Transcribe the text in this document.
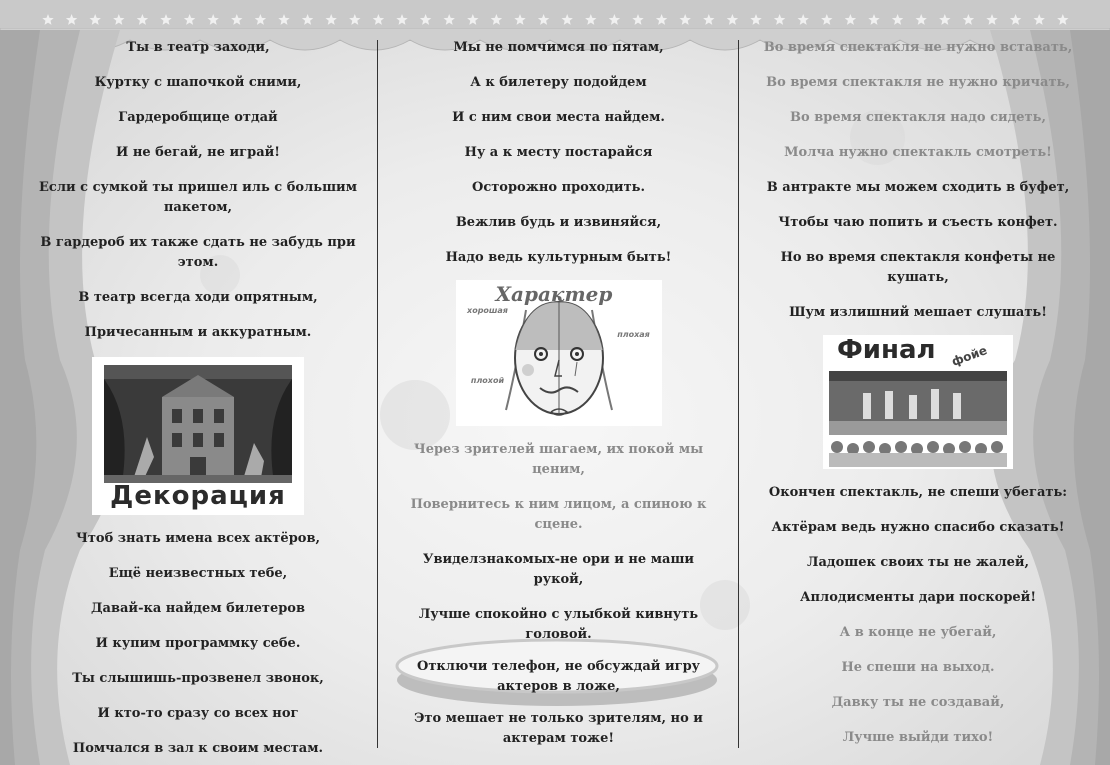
Ты в театр заходи,

Куртку с шапочкой сними,

Гардеробщице отдай

И не бегай, не играй!

Если с сумкой ты пришел иль с большим пакетом,

В гардероб их также сдать не забудь при этом.

В театр всегда ходи опрятным,

Причесанным и аккуратным.

Декорация

Чтоб знать имена всех актёров,

Ещё неизвестных тебе,

Давай-ка найдем билетеров

И купим программку себе.

Ты слышишь-прозвенел звонок,

И кто-то сразу со всех ног

Помчался в зал к своим местам.

Мы не помчимся по пятам,

А к билетеру подойдем

И с ним свои места найдем.

Ну а к месту постарайся

Осторожно проходить.

Вежлив будь и извиняйся,

Надо ведь культурным быть!

Характер
хорошая
плохая
плохой

Через зрителей шагаем, их покой мы ценим,

Повернитесь к ним лицом, а спиною к сцене.

Увиделзнакомых-не ори и не маши рукой,

Лучше спокойно с улыбкой кивнуть головой.

Отключи телефон, не обсуждай игру актеров в ложе,

Это мешает не только зрителям, но и актерам тоже!

Во время спектакля не нужно вставать,

Во время спектакля не нужно кричать,

Во время спектакля надо сидеть,

Молча нужно спектакль смотреть!

В антракте мы можем сходить в буфет,

Чтобы чаю попить и съесть конфет.

Но во время спектакля конфеты не кушать,

Шум излишний мешает слушать!

Финал фойе

Окончен спектакль, не спеши убегать:

Актёрам ведь нужно спасибо сказать!

Ладошек своих ты не жалей,

Аплодисменты дари поскорей!

А в конце не убегай,

Не спеши на выход.

Давку ты не создавай,

Лучше выйди тихо!
